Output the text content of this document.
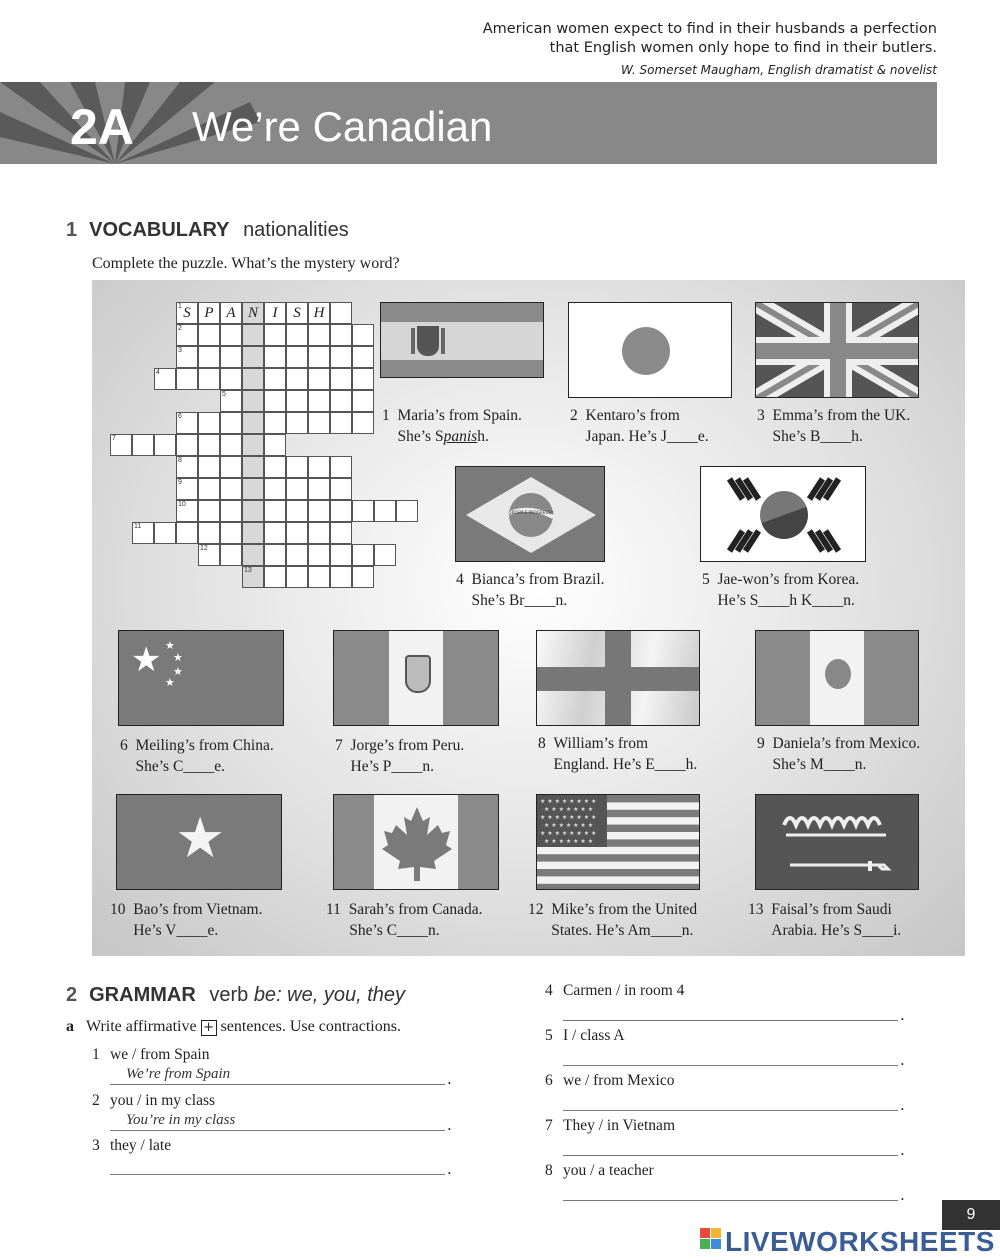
American women expect to find in their husbands a perfection
that English women only hope to find in their butlers.
W. Somerset Maugham, English dramatist & novelist
2A We’re Canadian
1 VOCABULARY nationalities
Complete the puzzle. What’s the mystery word?
1
2
3
4
5
6
7
8
9
10
11
12
13
S P A N I	S H
1 Maria’s from Spain.
She’s Spanish.
2 Kentaro’s from
Japan. He’s J____e.
3 Emma’s from the UK.
She’s B____h.
ORDEM E PROGRESSO
4 Bianca’s from Brazil.
She’s Br____n.
5 Jae-won’s from Korea.
He’s S____h K____n.
★ ★
★
★
★
6 Meiling’s from China.
She’s C____e.
7 Jorge’s from Peru.
He’s P____n.
8 William’s from
England. He’s E____h.
9 Daniela’s from Mexico.
She’s M____n.
★
10 Bao’s from Vietnam.
He’s V____e.
11 Sarah’s from Canada.
She’s C____n.
★ ★ ★ ★ ★ ★ ★ ★
★ ★ ★ ★ ★ ★ ★
★ ★ ★ ★ ★ ★ ★ ★
★ ★ ★ ★ ★ ★ ★
★ ★ ★ ★ ★ ★ ★ ★
★ ★ ★ ★ ★ ★ ★
12 Mike’s from the United
States. He’s Am____n.
13 Faisal’s from Saudi
Arabia. He’s S____i.
2 GRAMMAR verb be: we, you, they
a Write affirmative + sentences. Use contractions.
1 we / from Spain
We’re from Spain	.
2 you / in my class
You’re in my class	.
3 they / late
.
4 Carmen / in room 4
.
5 I / class A
.
6 we / from Mexico
.
7 They / in Vietnam
.
8 you / a teacher
.
9
LIVEWORKSHEETS
